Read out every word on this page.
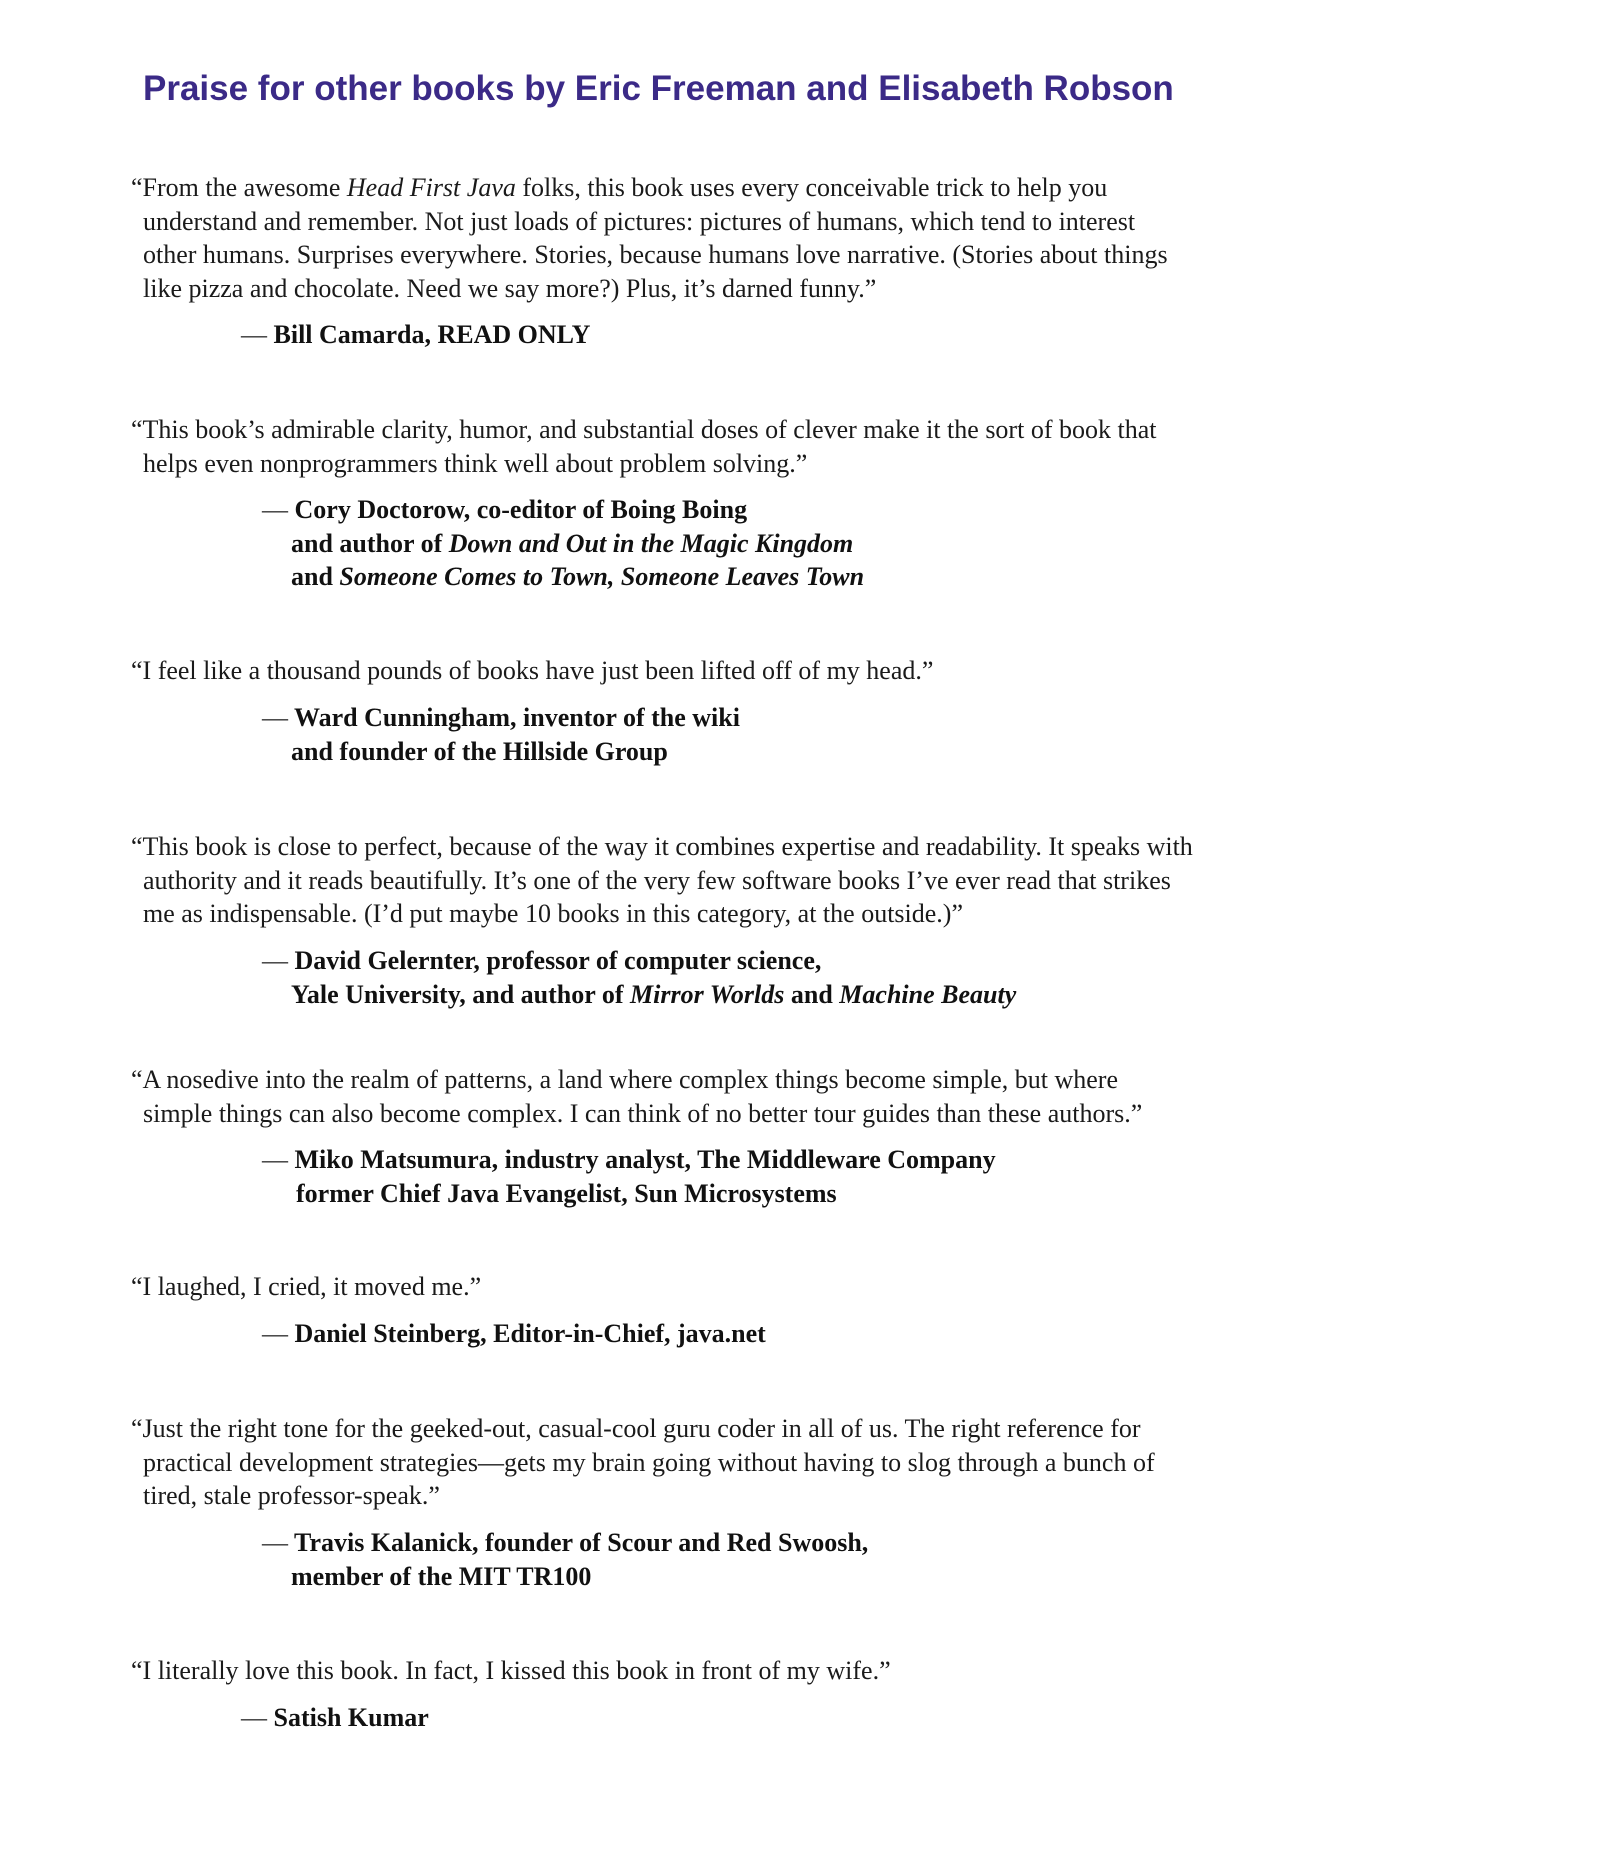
Praise for other books by Eric Freeman and Elisabeth Robson

“From the awesome Head First Java folks, this book uses every conceivable trick to help you
understand and remember. Not just loads of pictures: pictures of humans, which tend to interest
other humans. Surprises everywhere. Stories, because humans love narrative. (Stories about things
like pizza and chocolate. Need we say more?) Plus, it’s darned funny.”

— Bill Camarda, READ ONLY

“This book’s admirable clarity, humor, and substantial doses of clever make it the sort of book that
helps even nonprogrammers think well about problem solving.”

— Cory Doctorow, co-editor of Boing Boing
and author of Down and Out in the Magic Kingdom
and Someone Comes to Town, Someone Leaves Town

“I feel like a thousand pounds of books have just been lifted off of my head.”

— Ward Cunningham, inventor of the wiki
and founder of the Hillside Group

“This book is close to perfect, because of the way it combines expertise and readability. It speaks with
authority and it reads beautifully. It’s one of the very few software books I’ve ever read that strikes
me as indispensable. (I’d put maybe 10 books in this category, at the outside.)”

— David Gelernter, professor of computer science,
Yale University, and author of Mirror Worlds and Machine Beauty

“A nosedive into the realm of patterns, a land where complex things become simple, but where
simple things can also become complex. I can think of no better tour guides than these authors.”

— Miko Matsumura, industry analyst, The Middleware Company
former Chief Java Evangelist, Sun Microsystems

“I laughed, I cried, it moved me.”

— Daniel Steinberg, Editor-in-Chief, java.net

“Just the right tone for the geeked-out, casual-cool guru coder in all of us. The right reference for
practical development strategies—gets my brain going without having to slog through a bunch of
tired, stale professor-speak.”

— Travis Kalanick, founder of Scour and Red Swoosh,
member of the MIT TR100

“I literally love this book. In fact, I kissed this book in front of my wife.”

— Satish Kumar
